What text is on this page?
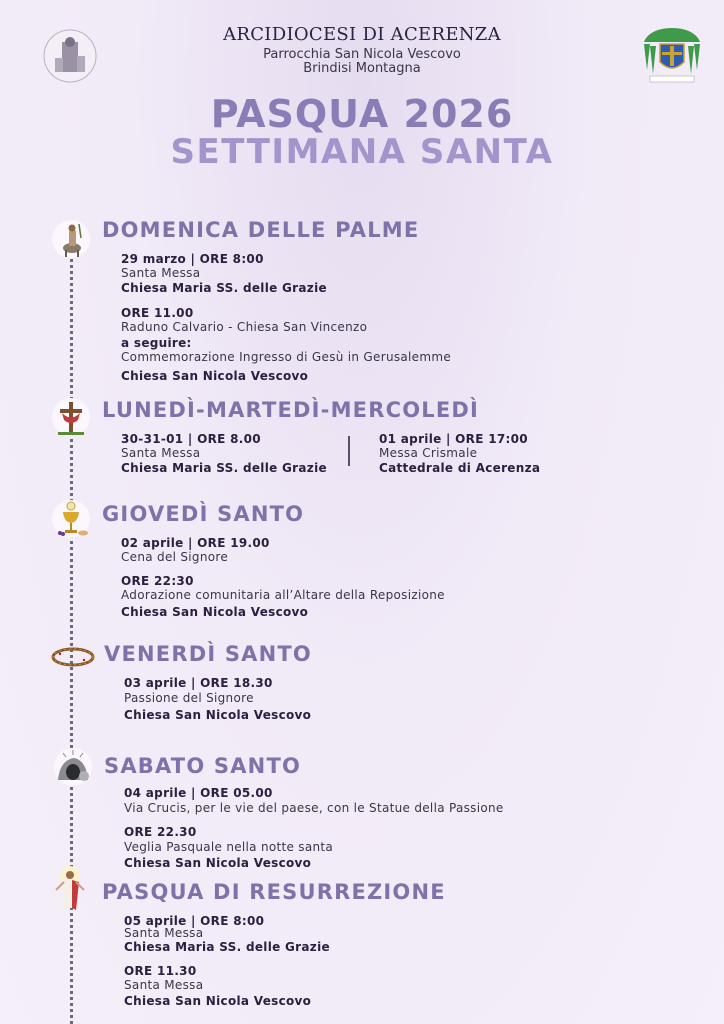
ARCIDIOCESI DI ACERENZA
Parrocchia San Nicola Vescovo
Brindisi Montagna
PASQUA 2026
SETTIMANA SANTA
DOMENICA DELLE PALME
29 marzo | ORE 8:00
Santa Messa
Chiesa Maria SS. delle Grazie
ORE 11.00
Raduno Calvario - Chiesa San Vincenzo
a seguire:
Commemorazione Ingresso di Gesù in Gerusalemme
Chiesa San Nicola Vescovo
LUNEDÌ-MARTEDÌ-MERCOLEDÌ
30-31-01 | ORE 8.00
Santa Messa
Chiesa Maria SS. delle Grazie
01 aprile | ORE 17:00
Messa Crismale
Cattedrale di Acerenza
GIOVEDÌ SANTO
02 aprile | ORE 19.00
Cena del Signore
ORE 22:30
Adorazione comunitaria all’Altare della Reposizione
Chiesa San Nicola Vescovo
VENERDÌ SANTO
03 aprile | ORE 18.30
Passione del Signore
Chiesa San Nicola Vescovo
SABATO SANTO
04 aprile | ORE 05.00
Via Crucis, per le vie del paese, con le Statue della Passione
ORE 22.30
Veglia Pasquale nella notte santa
Chiesa San Nicola Vescovo
PASQUA DI RESURREZIONE
05 aprile | ORE 8:00
Santa Messa
Chiesa Maria SS. delle Grazie
ORE 11.30
Santa Messa
Chiesa San Nicola Vescovo
